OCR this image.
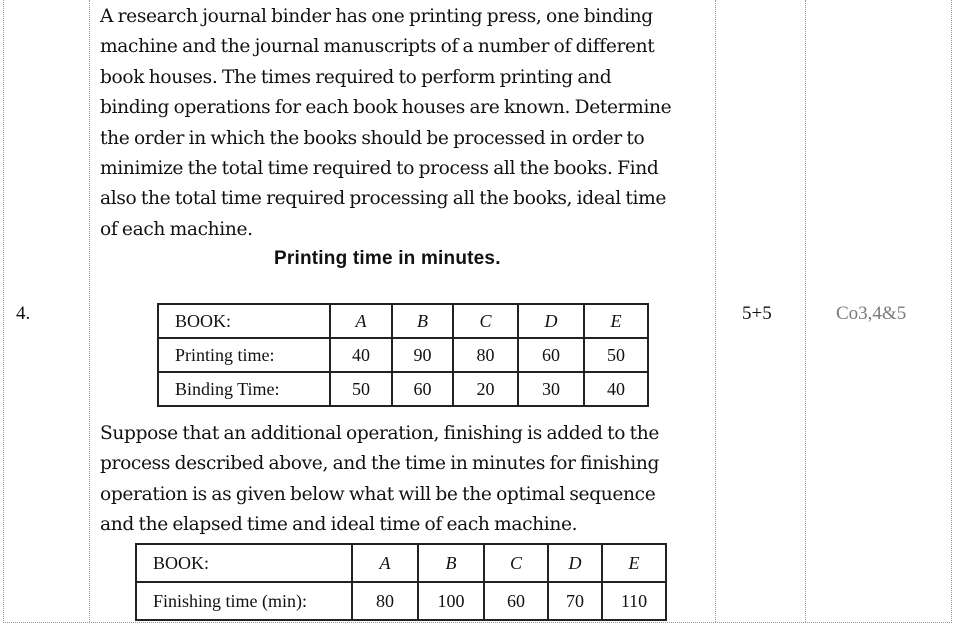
4.
A research journal binder has one printing press, one binding
machine and the journal manuscripts of a number of different
book houses. The times required to perform printing and
binding operations for each book houses are known. Determine
the order in which the books should be processed in order to
minimize the total time required to process all the books. Find
also the total time required processing all the books, ideal time
of each machine.
Printing time in minutes.
BOOK:	A	B	C	D	E
Printing time:	40	90	80	60	50
Binding Time:	50	60	20	30	40
5+5	Co3,4&5
Suppose that an additional operation, finishing is added to the
process described above, and the time in minutes for finishing
operation is as given below what will be the optimal sequence
and the elapsed time and ideal time of each machine.
BOOK:	A	B	C	D	E
Finishing time (min):	80	100	60	70	110
